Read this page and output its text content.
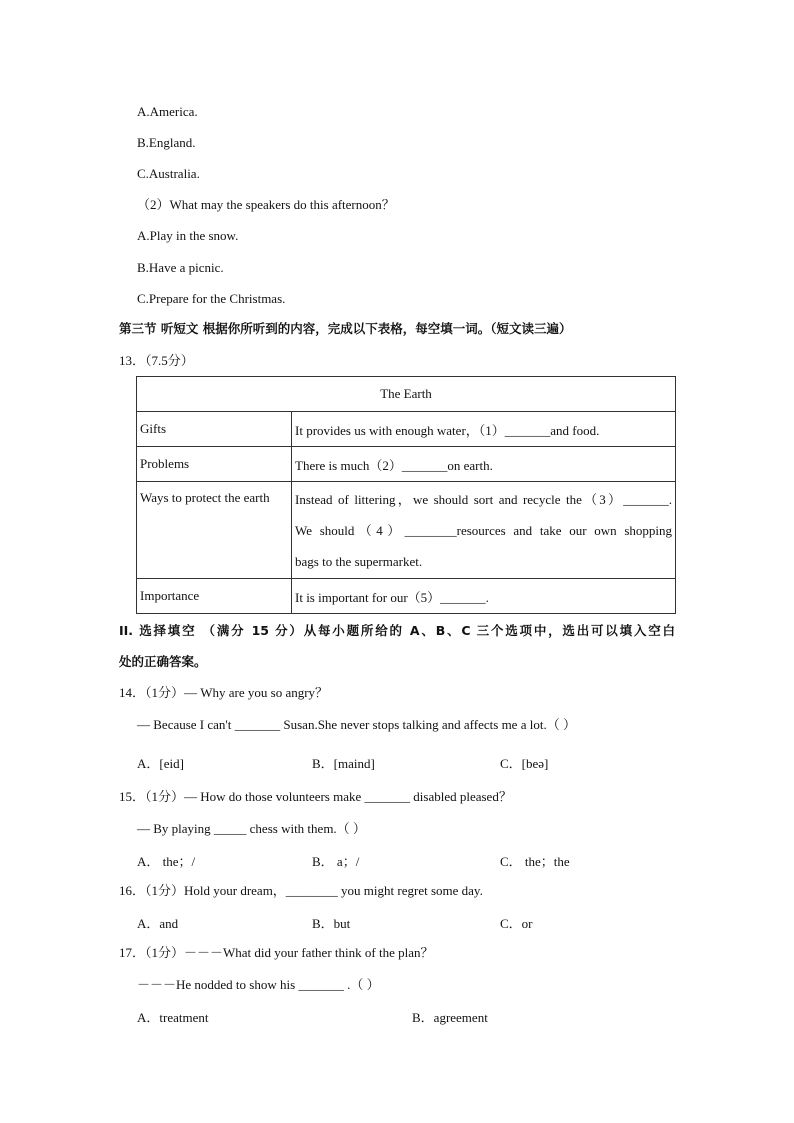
A.America.
B.England.
C.Australia.
（2）What may the speakers do this afternoon？
A.Play in the snow.
B.Have a picnic.
C.Prepare for the Christmas.
第三节 听短文 根据你所听到的内容，完成以下表格，每空填一词。（短文读三遍）
13．（7.5分）
The Earth	
Gifts	It provides us with enough water，（1）_______and food.
Problems	There is much（2）_______on earth.
Ways to protect the earth	Instead of littering，we should sort and recycle the（3）_______.
We should（4）________resources and take our own shopping
bags to the supermarket.

Importance	It is important for our（5）_______.
II. 选择填空 （满分 15 分）从每小题所给的 A、B、C 三个选项中，选出可以填入空白
处的正确答案。
14．（1分）— Why are you so angry？
— Because I can't _______ Susan.She never stops talking and affects me a lot.（ ）
A．[eid]	B．[maind]	C．[beə]
15．（1分）— How do those volunteers make _______ disabled pleased？
— By playing _____ chess with them.（ ）
A． the；/	B． a；/	C． the；the
16．（1分）Hold your dream，________ you might regret some day.
A．and	B．but	C．or
17．（1分）－－－What did your father think of the plan？
－－－He nodded to show his _______ .（ ）
A．treatment	B．agreement
